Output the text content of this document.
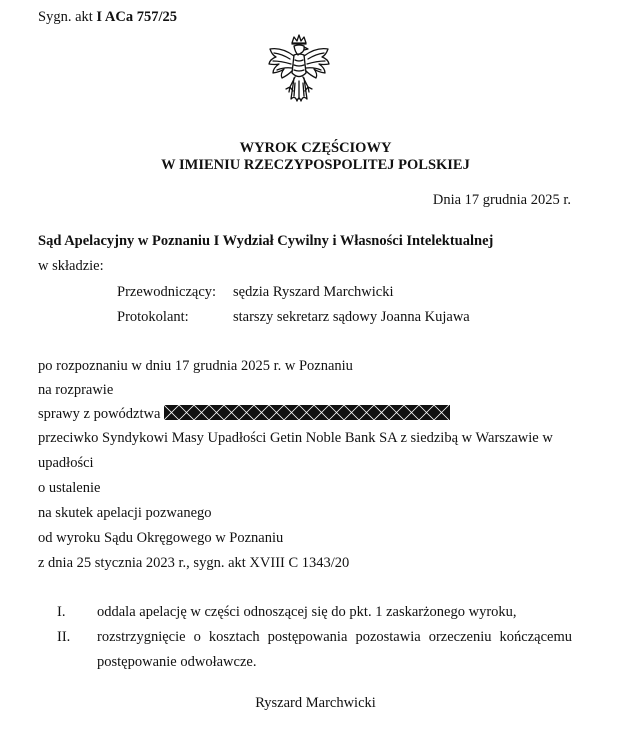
Sygn. akt I ACa 757/25
WYROK CZĘŚCIOWY
W IMIENIU RZECZYPOSPOLITEJ POLSKIEJ
Dnia 17 grudnia 2025 r.
Sąd Apelacyjny w Poznaniu I Wydział Cywilny i Własności Intelektualnej
w składzie:
Przewodniczący: sędzia Ryszard Marchwicki
Protokolant:	starszy sekretarz sądowy Joanna Kujawa
po rozpoznaniu w dniu 17 grudnia 2025 r. w Poznaniu
na rozprawie
sprawy z powództwa
przeciwko Syndykowi Masy Upadłości Getin Noble Bank SA z siedzibą w Warszawie w
upadłości
o ustalenie
na skutek apelacji pozwanego
od wyroku Sądu Okręgowego w Poznaniu
z dnia 25 stycznia 2023 r., sygn. akt XVIII C 1343/20
I. oddala apelację w części odnoszącej się do pkt. 1 zaskarżonego wyroku,
II. rozstrzygnięcie o kosztach postępowania pozostawia orzeczeniu kończącemu
postępowanie odwoławcze.
Ryszard Marchwicki
